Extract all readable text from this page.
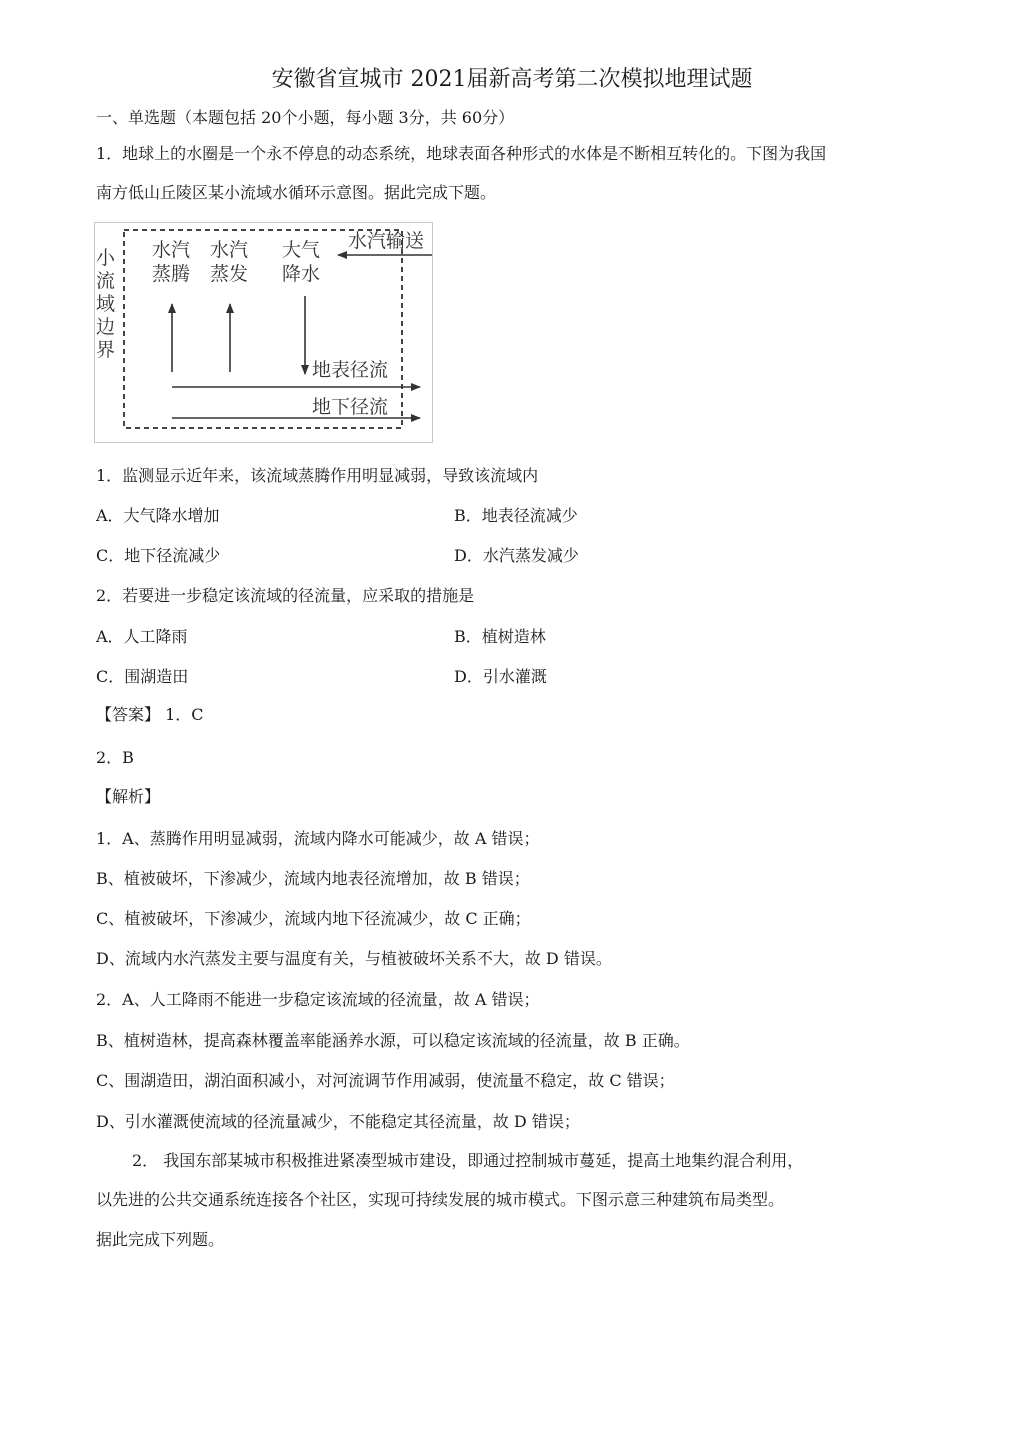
安徽省宣城市 2021届新高考第二次模拟地理试题
一、单选题（本题包括 20个小题，每小题 3分，共 60分）
1．地球上的水圈是一个永不停息的动态系统，地球表面各种形式的水体是不断相互转化的。下图为我国
南方低山丘陵区某小流域水循环示意图。据此完成下题。
小
流
域
边
界
水汽
蒸腾
水汽
蒸发
大气
降水
水汽输送
地表径流
地下径流
1．监测显示近年来，该流域蒸腾作用明显减弱，导致该流域内
A．大气降水增加	B．地表径流减少
C．地下径流减少	D．水汽蒸发减少
2．若要进一步稳定该流域的径流量，应采取的措施是
A．人工降雨	B．植树造林
C．围湖造田	D．引水灌溉
【答案】 1．C
2．B
【解析】
1．A、蒸腾作用明显减弱，流域内降水可能减少，故 A 错误；
B、植被破坏，下渗减少，流域内地表径流增加，故 B 错误；
C、植被破坏，下渗减少，流域内地下径流减少，故 C 正确；
D、流域内水汽蒸发主要与温度有关，与植被破坏关系不大，故 D 错误。
2．A、人工降雨不能进一步稳定该流域的径流量，故 A 错误；
B、植树造林，提高森林覆盖率能涵养水源，可以稳定该流域的径流量，故 B 正确。
C、围湖造田，湖泊面积减小，对河流调节作用减弱，使流量不稳定，故 C 错误；
D、引水灌溉使流域的径流量减少，不能稳定其径流量，故 D 错误；
2． 我国东部某城市积极推进紧凑型城市建设，即通过控制城市蔓延，提高土地集约混合利用，
以先进的公共交通系统连接各个社区，实现可持续发展的城市模式。下图示意三种建筑布局类型。
据此完成下列题。
